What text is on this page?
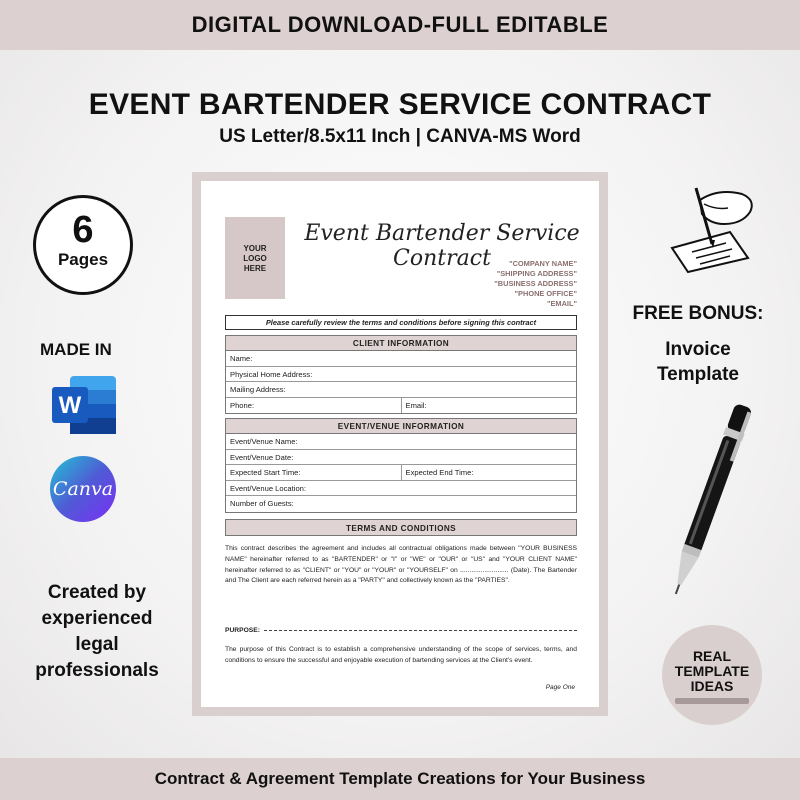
DIGITAL DOWNLOAD-FULL EDITABLE
EVENT BARTENDER SERVICE CONTRACT
US Letter/8.5x11 Inch | CANVA-MS Word
6
Pages
MADE IN
W
Canva
Created by
experienced
legal
professionals
FREE BONUS:
Invoice
Template
REAL
TEMPLATE
IDEAS
YOUR
LOGO
HERE
Event Bartender Service Contract	"COMPANY NAME"
"SHIPPING ADDRESS"
"BUSINESS ADDRESS"
"PHONE OFFICE"
"EMAIL"
Please carefully review the terms and conditions before signing this contract
CLIENT INFORMATION
Name:
Physical Home Address:
Mailing Address:
Phone:	Email:
EVENT/VENUE INFORMATION
Event/Venue Name:
Event/Venue Date:
Expected Start Time:	Expected End Time:
Event/Venue Location:
Number of Guests:
TERMS AND CONDITIONS
This contract describes the agreement and includes all contractual obligations made between "YOUR BUSINESS NAME" hereinafter referred to as "BARTENDER" or "I" or "WE" or "OUR" or "US" and "YOUR CLIENT NAME" hereinafter referred to as "CLIENT" or "YOU" or "YOUR" or "YOURSELF" on .......................... (Date). The Bartender and The Client are each referred herein as a "PARTY" and collectively known as the "PARTIES".
PURPOSE:
The purpose of this Contract is to establish a comprehensive understanding of the scope of services, terms, and conditions to ensure the successful and enjoyable execution of bartending services at the Client's event.
Page One
Contract & Agreement Template Creations for Your Business
